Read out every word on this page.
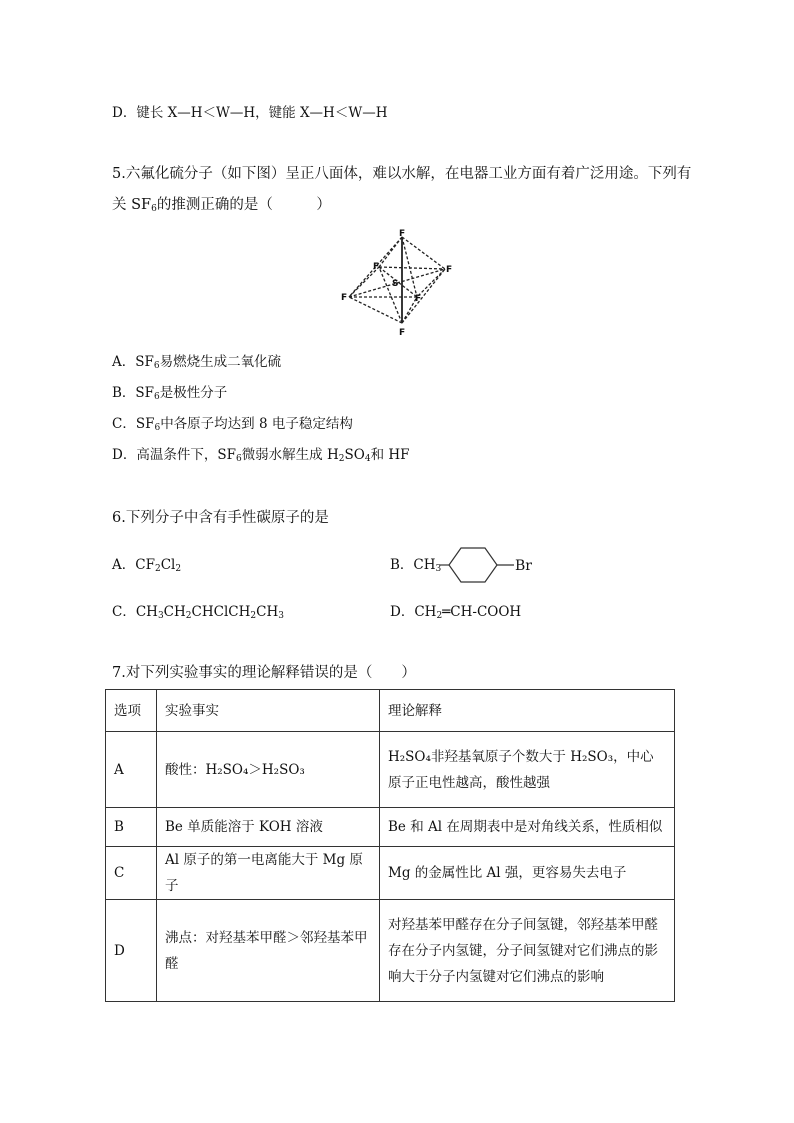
D．键长 X—H＜W—H，键能 X—H＜W—H
5.六氟化硫分子（如下图）呈正八面体，难以水解，在电器工业方面有着广泛用途。下列有
关 $SF_6$的推测正确的是（　　　）
F
F
F
F
F
F
S
A．$SF_6$易燃烧生成二氧化硫
B．$SF_6$是极性分子
C．$SF_6$中各原子均达到 8 电子稳定结构
D．高温条件下，$SF_6$微弱水解生成 $H_2SO_4$和 HF
6.下列分子中含有手性碳原子的是
A．$CF_2Cl_2$	B．$CH_3$	Br
C．$CH_3CH_2CHClCH_2CH_3$	D．$CH_2═CH$-COOH
7.对下列实验事实的理论解释错误的是（　　）
选项	实验事实	理论解释
A	酸性：H₂SO₄＞H₂SO₃	H₂SO₄非羟基氧原子个数大于 H₂SO₃，中心原子正电性越高，酸性越强
B	Be 单质能溶于 KOH 溶液	Be 和 Al 在周期表中是对角线关系，性质相似
C	Al 原子的第一电离能大于 Mg 原子	Mg 的金属性比 Al 强，更容易失去电子
D	沸点：对羟基苯甲醛＞邻羟基苯甲醛	对羟基苯甲醛存在分子间氢键，邻羟基苯甲醛存在分子内氢键，分子间氢键对它们沸点的影响大于分子内氢键对它们沸点的影响
